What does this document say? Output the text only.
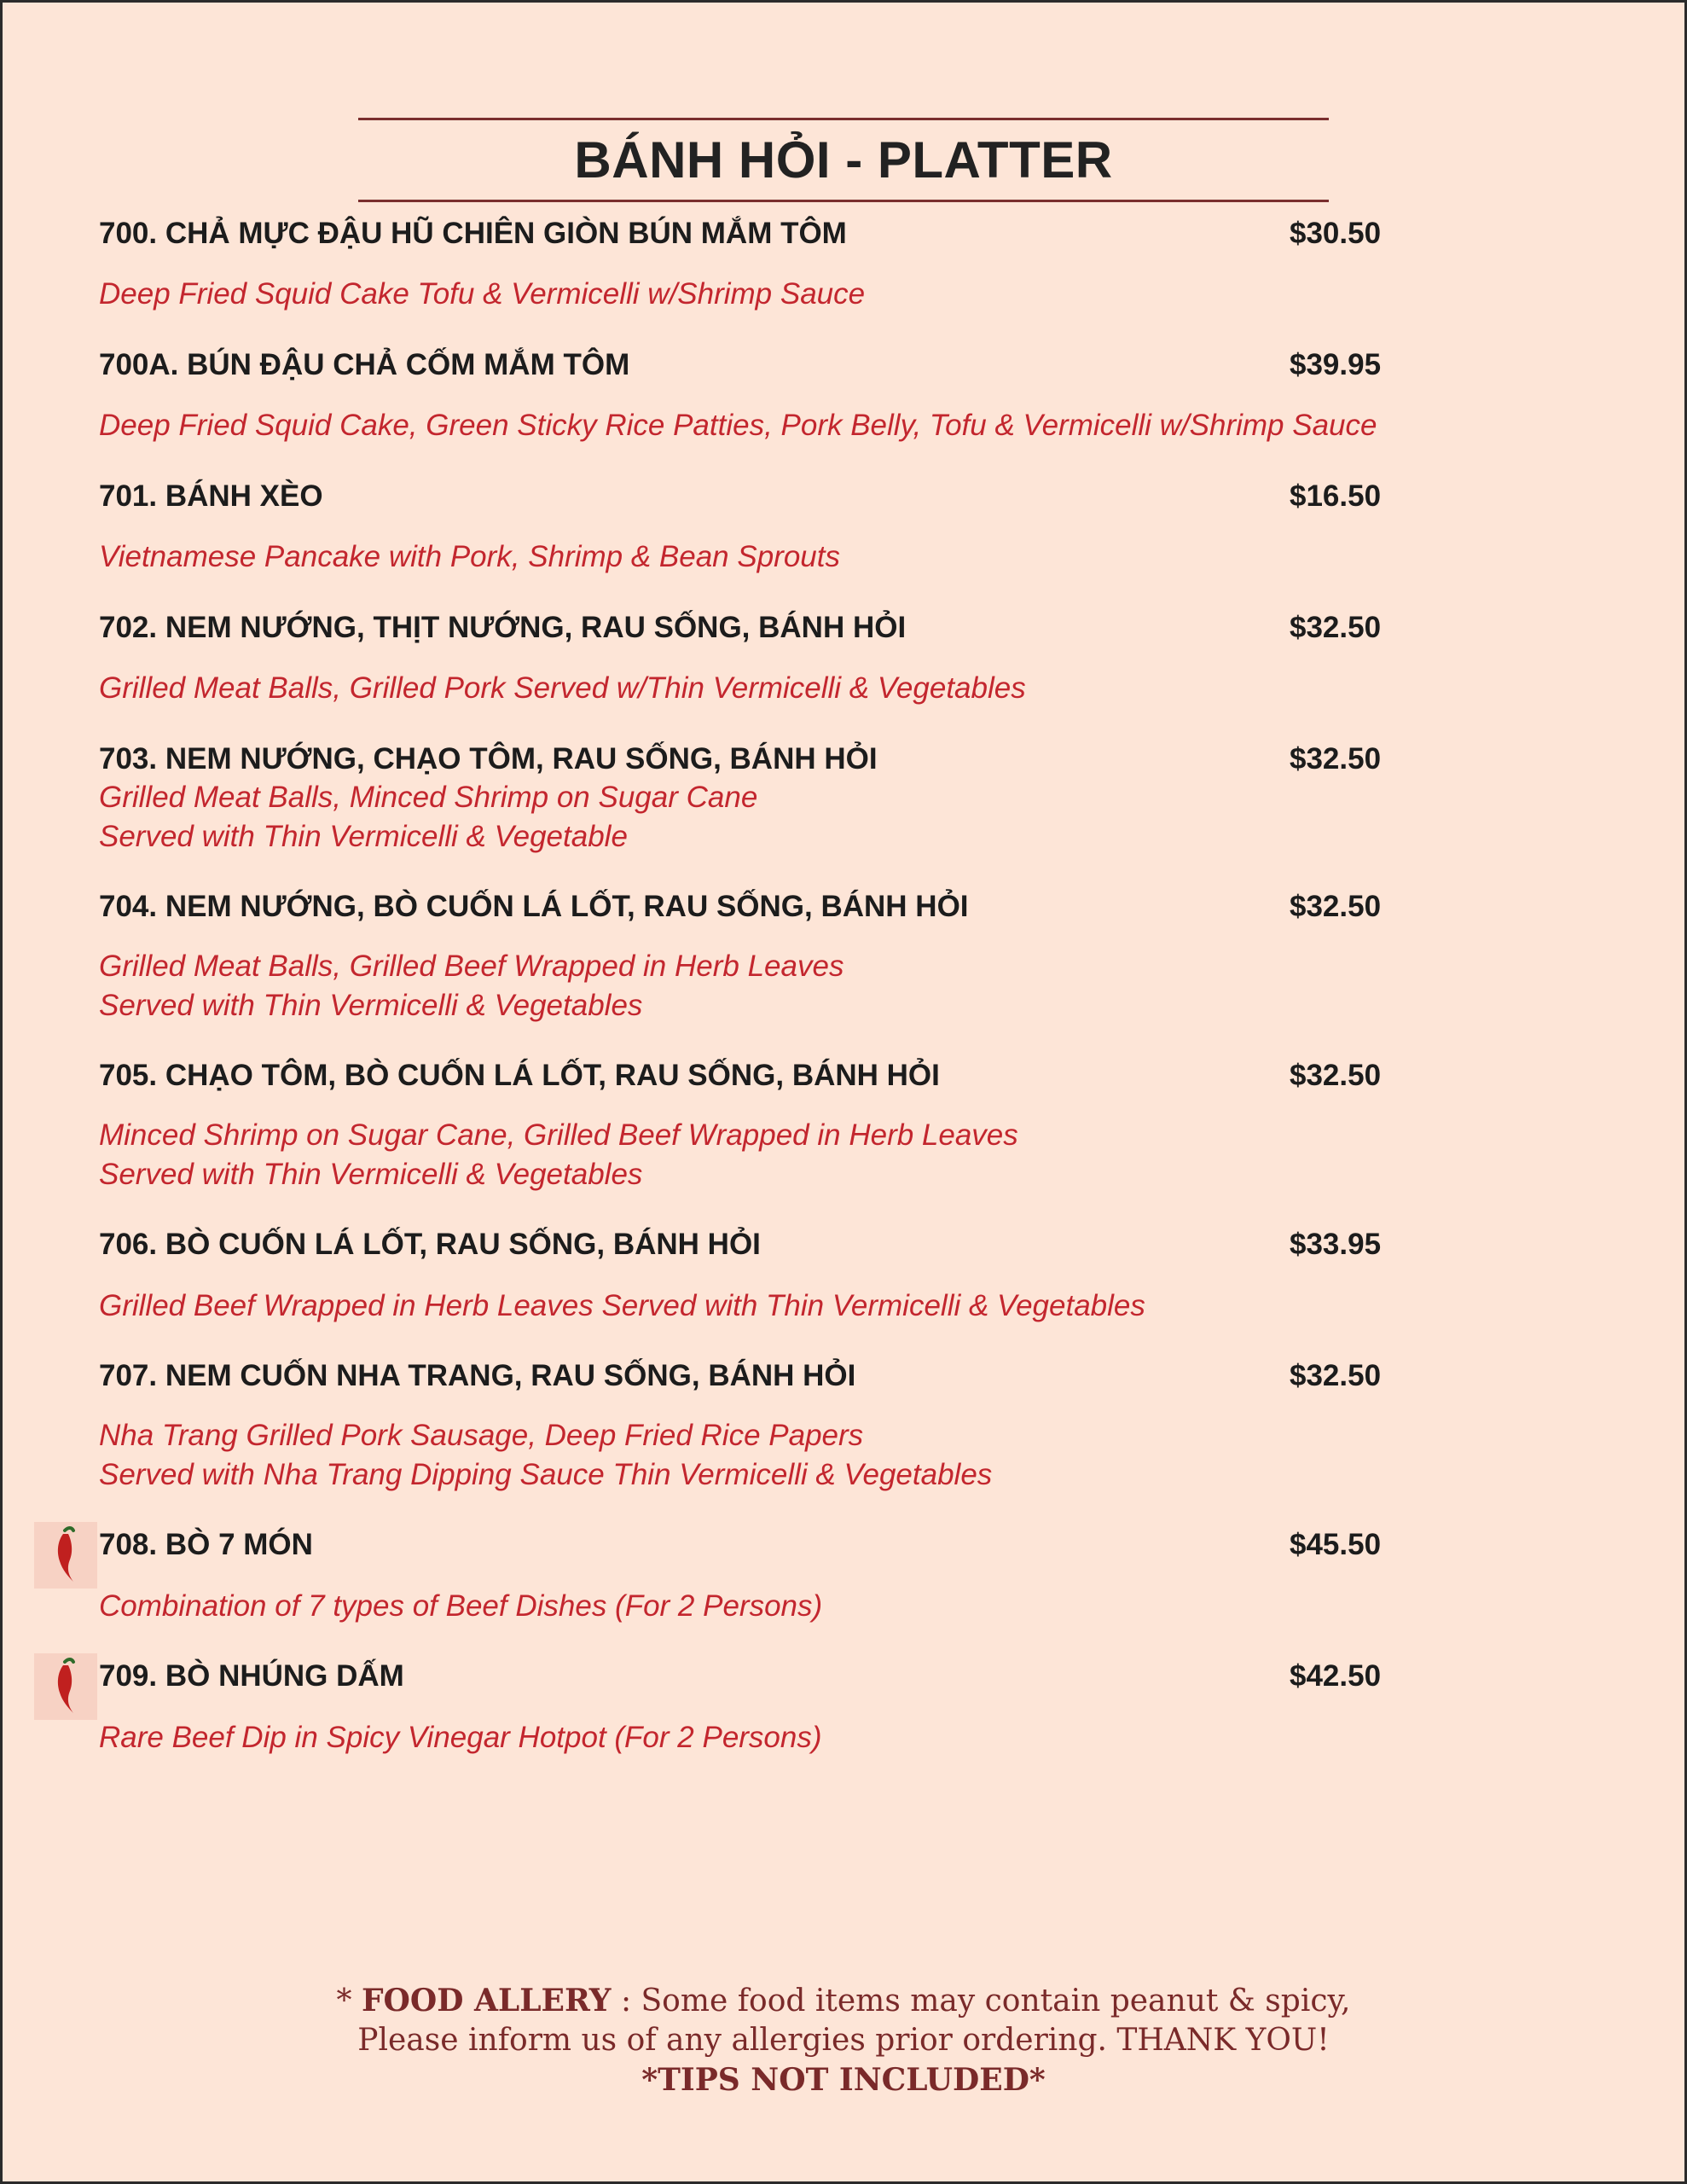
BÁNH HỎI - PLATTER
700. CHẢ MỰC ĐẬU HŨ CHIÊN GIÒN BÚN MẮM TÔM	$30.50
Deep Fried Squid Cake Tofu & Vermicelli w/Shrimp Sauce
700A. BÚN ĐẬU CHẢ CỐM MẮM TÔM	$39.95
Deep Fried Squid Cake, Green Sticky Rice Patties, Pork Belly, Tofu & Vermicelli w/Shrimp Sauce
701. BÁNH XÈO	$16.50
Vietnamese Pancake with Pork, Shrimp & Bean Sprouts
702. NEM NƯỚNG, THỊT NƯỚNG, RAU SỐNG, BÁNH HỎI	$32.50
Grilled Meat Balls, Grilled Pork Served w/Thin Vermicelli & Vegetables
703. NEM NƯỚNG, CHẠO TÔM, RAU SỐNG, BÁNH HỎI	$32.50
Grilled Meat Balls, Minced Shrimp on Sugar Cane
Served with Thin Vermicelli & Vegetable
704. NEM NƯỚNG, BÒ CUỐN LÁ LỐT, RAU SỐNG, BÁNH HỎI	$32.50
Grilled Meat Balls, Grilled Beef Wrapped in Herb Leaves
Served with Thin Vermicelli & Vegetables
705. CHẠO TÔM, BÒ CUỐN LÁ LỐT, RAU SỐNG, BÁNH HỎI	$32.50
Minced Shrimp on Sugar Cane, Grilled Beef Wrapped in Herb Leaves
Served with Thin Vermicelli & Vegetables
706. BÒ CUỐN LÁ LỐT, RAU SỐNG, BÁNH HỎI	$33.95
Grilled Beef Wrapped in Herb Leaves Served with Thin Vermicelli & Vegetables
707. NEM CUỐN NHA TRANG, RAU SỐNG, BÁNH HỎI	$32.50
Nha Trang Grilled Pork Sausage, Deep Fried Rice Papers
Served with Nha Trang Dipping Sauce Thin Vermicelli & Vegetables
708. BÒ 7 MÓN	$45.50
Combination of 7 types of Beef Dishes (For 2 Persons)
709. BÒ NHÚNG DẤM	$42.50
Rare Beef Dip in Spicy Vinegar Hotpot (For 2 Persons)
* FOOD ALLERY : Some food items may contain peanut & spicy,
Please inform us of any allergies prior ordering. THANK YOU!
*TIPS NOT INCLUDED*
